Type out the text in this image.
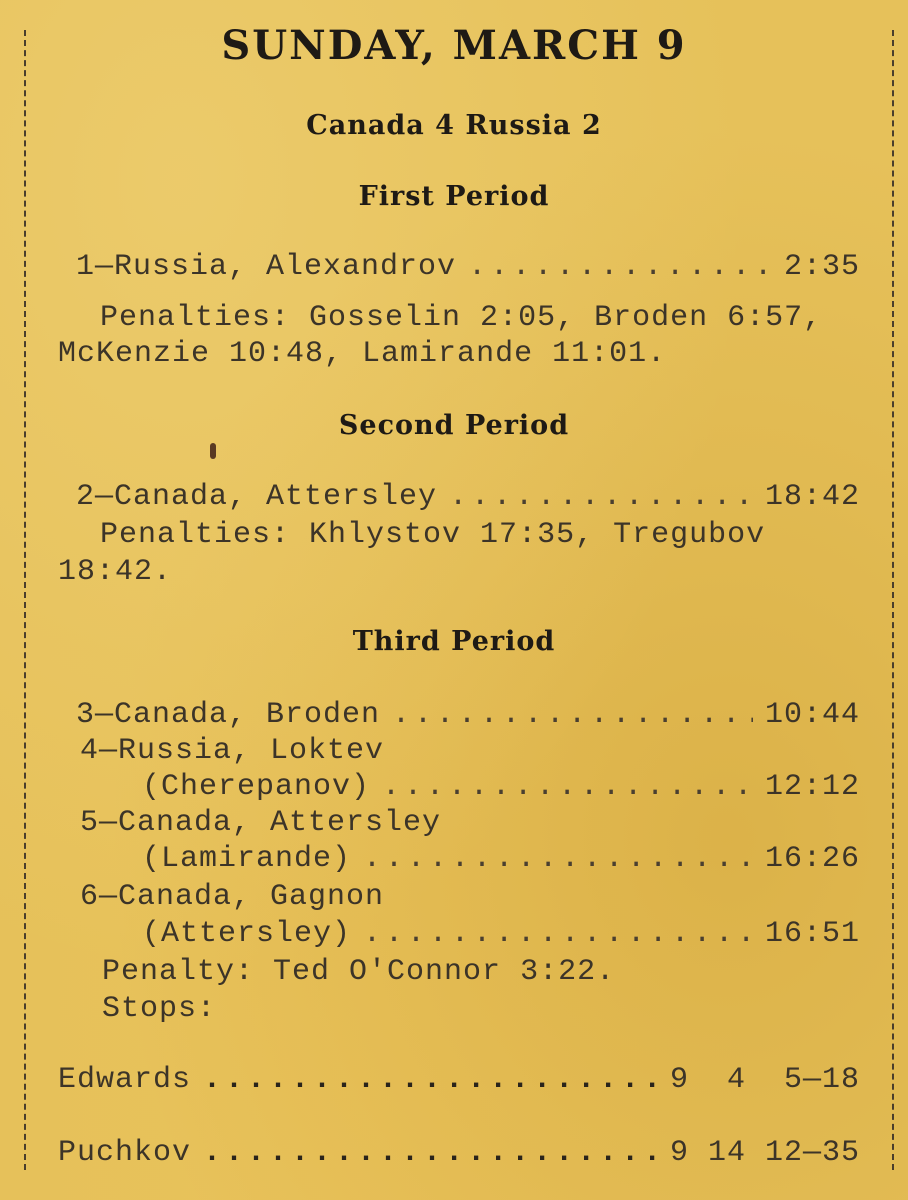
SUNDAY, MARCH 9
Canada 4 Russia 2
First Period
1—Russia, Alexandrov .....	2:35
Penalties: Gosselin 2:05, Broden 6:57,
McKenzie 10:48, Lamirande 11:01.
Second Period
2—Canada, Attersley .....	18:42
Penalties: Khlystov 17:35, Tregubov
18:42.
Third Period
3—Canada, Broden .....	10:44
4—Russia, Loktev
(Cherepanov) .....	12:12
5—Canada, Attersley
(Lamirande) .....	16:26
6—Canada, Gagnon
(Attersley) .....	16:51
Penalty: Ted O'Connor 3:22.
Stops:
Edwards .....	9  4  5—18
Puchkov .....	9 14 12—35
